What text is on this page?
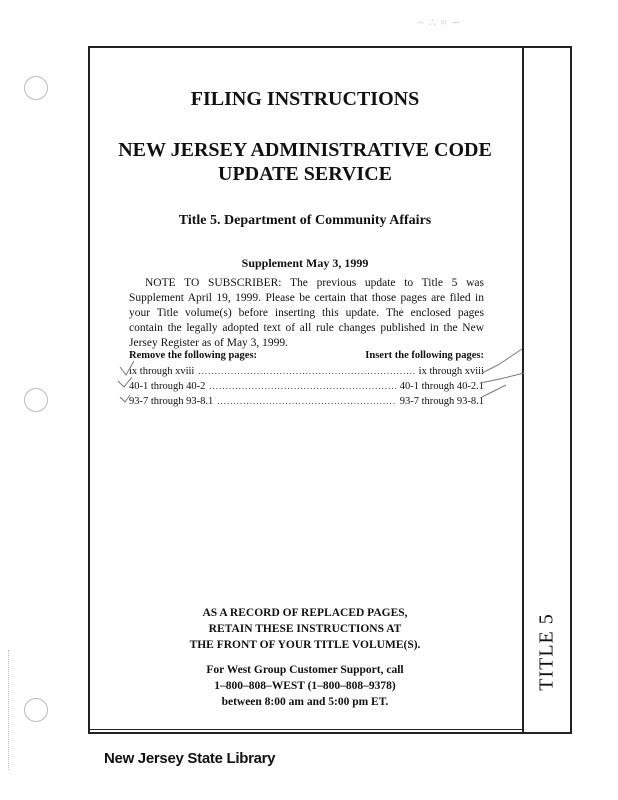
~ ∴ ≈ ∽
TITLE 5
FILING INSTRUCTIONS
NEW JERSEY ADMINISTRATIVE CODE
UPDATE SERVICE
Title 5. Department of Community Affairs
Supplement May 3, 1999
NOTE TO SUBSCRIBER: The previous update to Title 5 was Supplement April 19, 1999. Please be certain that those pages are filed in your Title volume(s) before inserting this update. The enclosed pages contain the legally adopted text of all rule changes published in the New Jersey Register as of May 3, 1999.
Remove the following pages:	Insert the following pages:
ix through xviii .....	ix through xviii
40-1 through 40-2 .....	40-1 through 40-2.1
93-7 through 93-8.1 .....	93-7 through 93-8.1
AS A RECORD OF REPLACED PAGES,
RETAIN THESE INSTRUCTIONS AT
THE FRONT OF YOUR TITLE VOLUME(S).
For West Group Customer Support, call
1–800–808–WEST (1–800–808–9378)
between 8:00 am and 5:00 pm ET.
New Jersey State Library
